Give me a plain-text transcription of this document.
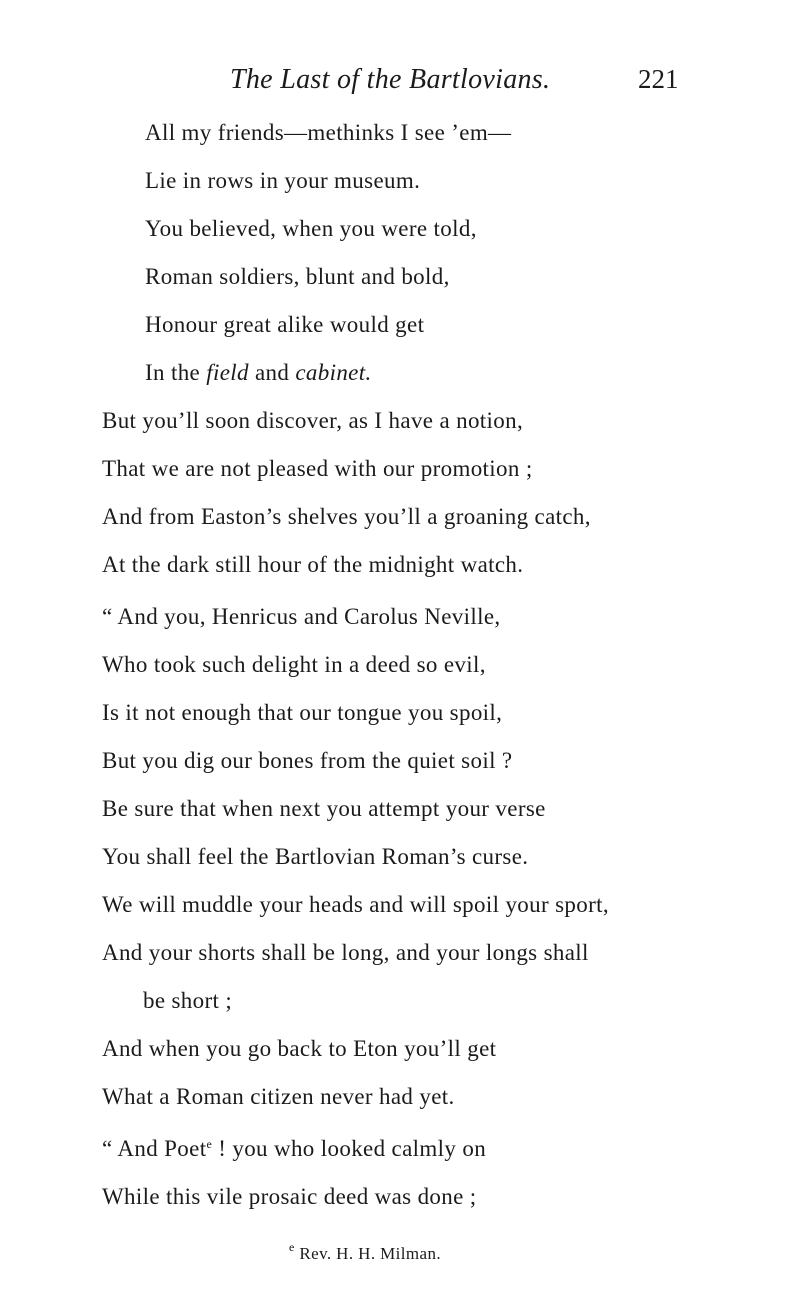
The Last of the Bartlovians.	221
All my friends—methinks I see ’em—
Lie in rows in your museum.
You believed, when you were told,
Roman soldiers, blunt and bold,
Honour great alike would get
In the field and cabinet.
But you’ll soon discover, as I have a notion,
That we are not pleased with our promotion ;
And from Easton’s shelves you’ll a groaning catch,
At the dark still hour of the midnight watch.
“ And you, Henricus and Carolus Neville,
Who took such delight in a deed so evil,
Is it not enough that our tongue you spoil,
But you dig our bones from the quiet soil ?
Be sure that when next you attempt your verse
You shall feel the Bartlovian Roman’s curse.
We will muddle your heads and will spoil your sport,
And your shorts shall be long, and your longs shall
be short ;
And when you go back to Eton you’ll get
What a Roman citizen never had yet.
“ And Poet$^e$ ! you who looked calmly on
While this vile prosaic deed was done ;
$^e$ Rev. H. H. Milman.
